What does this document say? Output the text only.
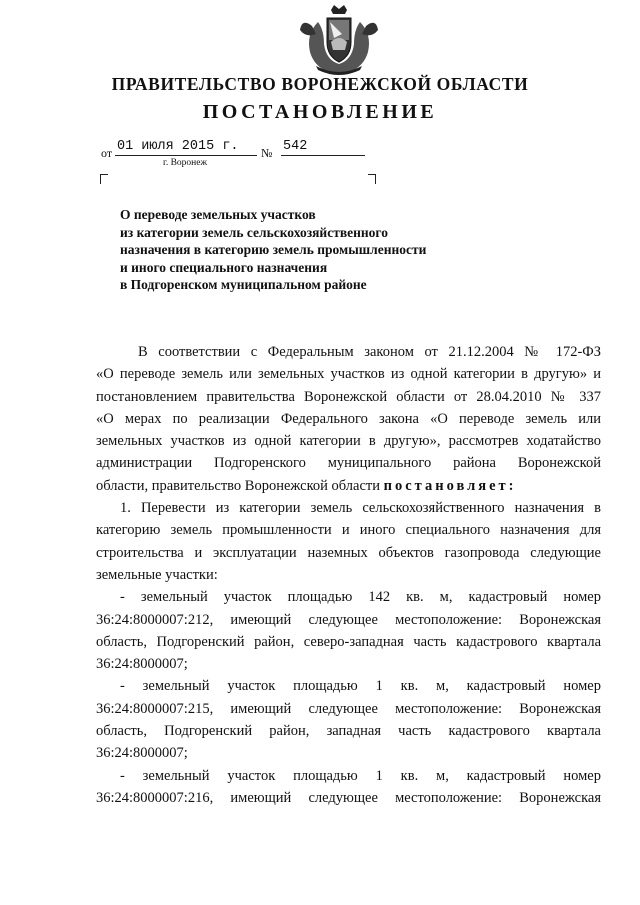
ПРАВИТЕЛЬСТВО ВОРОНЕЖСКОЙ ОБЛАСТИ
ПОСТАНОВЛЕНИЕ
от 01 июля 2015 г.	№ 542
г. Воронеж
О переводе земельных участков
из категории земель сельскохозяйственного
назначения в категорию земель промышленности
и иного специального назначения
в Подгоренском муниципальном районе
В соответствии с Федеральным законом от 21.12.2004 № 172-ФЗ
«О переводе земель или земельных участков из одной категории в другую» и
постановлением правительства Воронежской области от 28.04.2010 № 337
«О мерах по реализации Федерального закона «О переводе земель или
земельных участков из одной категории в другую», рассмотрев ходатайство
администрации Подгоренского муниципального района Воронежской
области, правительство Воронежской области постановляет:
1. Перевести из категории земель сельскохозяйственного назначения в
категорию земель промышленности и иного специального назначения для
строительства и эксплуатации наземных объектов газопровода следующие
земельные участки:
- земельный участок площадью 142 кв. м, кадастровый номер
36:24:8000007:212, имеющий следующее местоположение: Воронежская
область, Подгоренский район, северо-западная часть кадастрового квартала
36:24:8000007;
- земельный участок площадью 1 кв. м, кадастровый номер
36:24:8000007:215, имеющий следующее местоположение: Воронежская
область, Подгоренский район, западная часть кадастрового квартала
36:24:8000007;
- земельный участок площадью 1 кв. м, кадастровый номер
36:24:8000007:216, имеющий следующее местоположение: Воронежская
